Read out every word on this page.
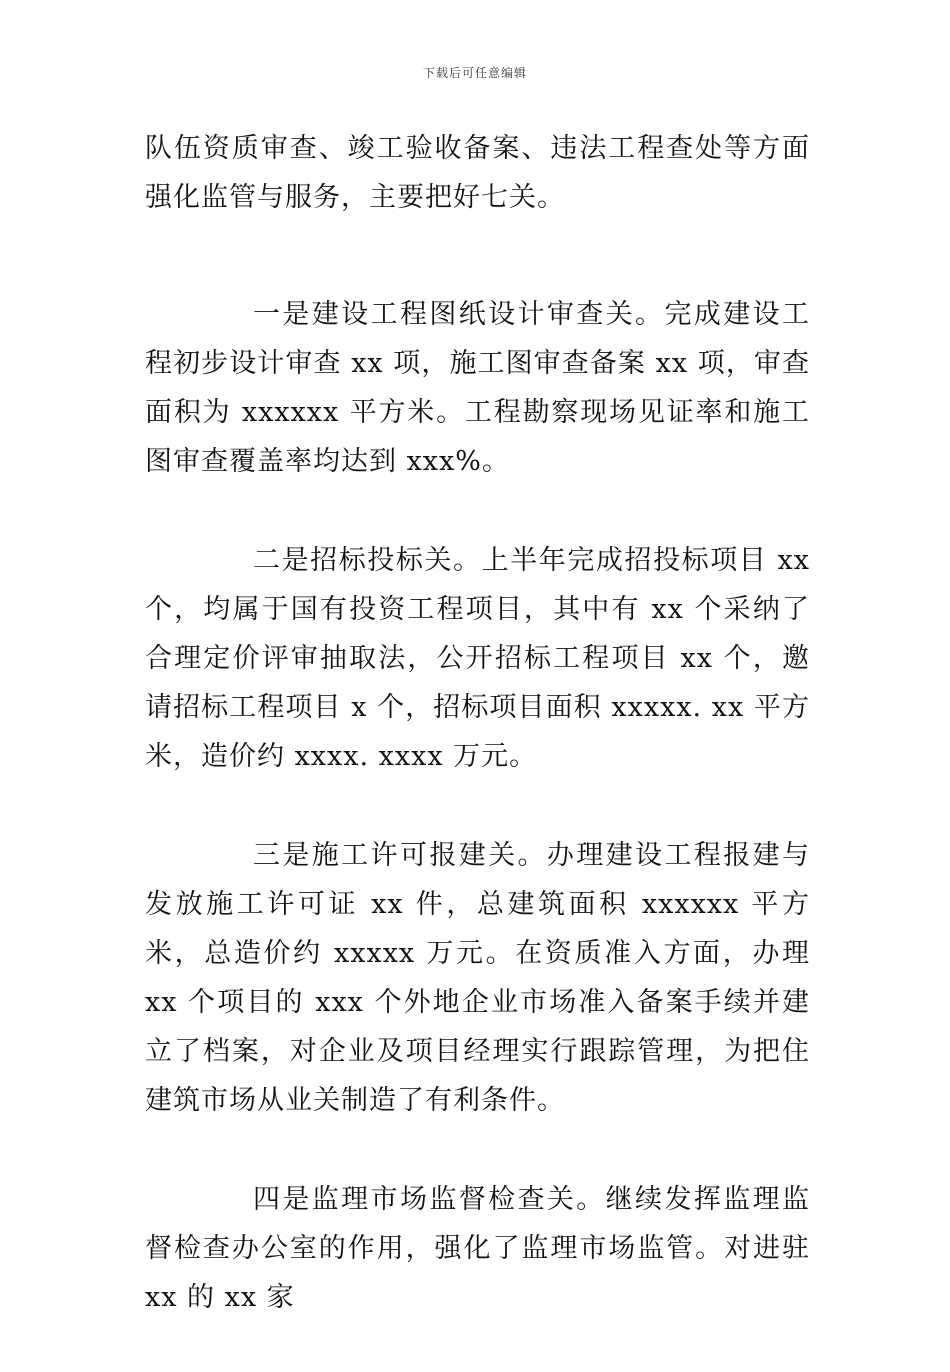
下载后可任意编辑

队伍资质审查、竣工验收备案、违法工程查处等方面强化监管与服务，主要把好七关。

一是建设工程图纸设计审查关。完成建设工程初步设计审查 xx 项，施工图审查备案 xx 项，审查面积为 xxxxxx 平方米。工程勘察现场见证率和施工图审查覆盖率均达到 xxx%。

二是招标投标关。上半年完成招投标项目 xx 个，均属于国有投资工程项目，其中有 xx 个采纳了合理定价评审抽取法，公开招标工程项目 xx 个，邀请招标工程项目 x 个，招标项目面积 xxxxx. xx 平方米，造价约 xxxx. xxxx 万元。

三是施工许可报建关。办理建设工程报建与发放施工许可证 xx 件，总建筑面积 xxxxxx 平方米，总造价约 xxxxx 万元。在资质准入方面，办理 xx 个项目的 xxx 个外地企业市场准入备案手续并建立了档案，对企业及项目经理实行跟踪管理，为把住建筑市场从业关制造了有利条件。

四是监理市场监督检查关。继续发挥监理监督检查办公室的作用，强化了监理市场监管。对进驻 xx 的 xx 家
